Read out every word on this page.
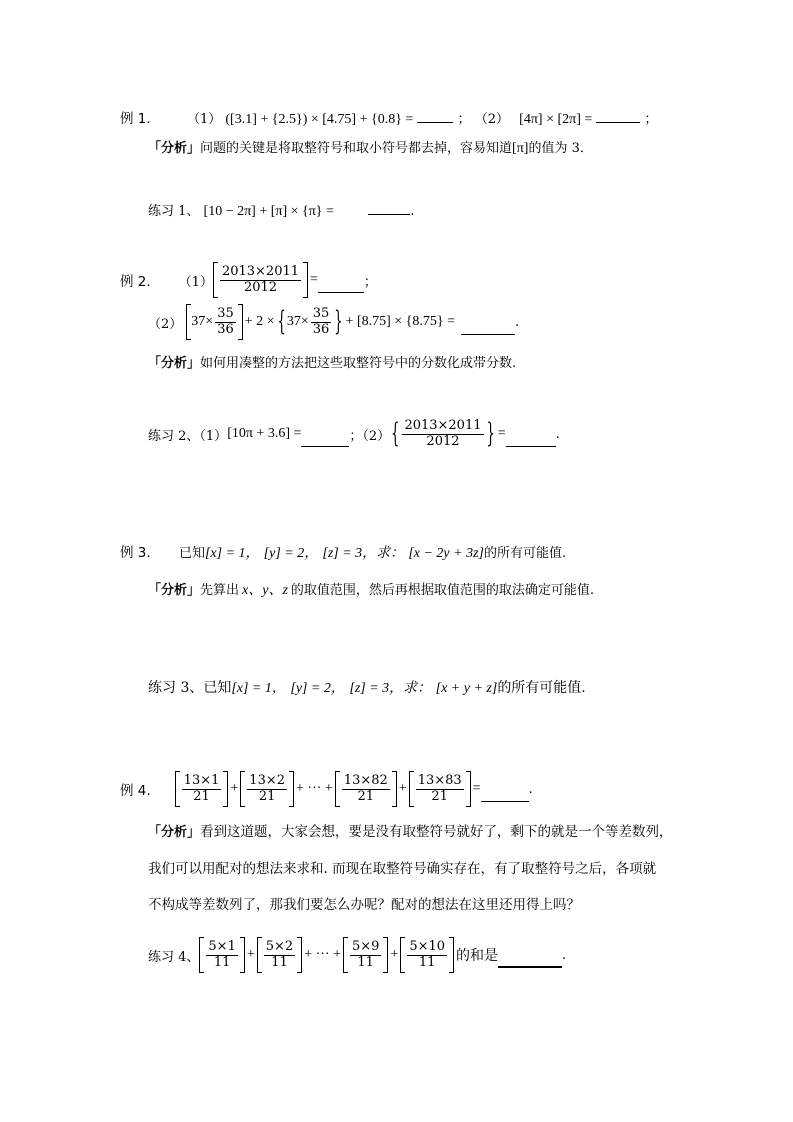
例 1.	（1） ([3.1] + {2.5}) × [4.75] + {0.8} =	； （2） [4π] × [2π] =	；
「分析」问题的关键是将取整符号和取小符号都去掉，容易知道[π]的值为 3．
练习 1、 [10 − 2π] + [π] × {π} =	.
例 2. $(1) \frac{2013\times 2011}{2012}$ =	；
（2） $37\times \frac{35}{36} + 2$ × { $37\times \frac{35}{36}$ } + [8.75] × {8.75} =	.
「分析」如何用凑整的方法把这些取整符号中的分数化成带分数.
练习 2、（1） [10π + 3.6] =	；（2） { $\frac{2013\times 2011}{2012}$ } =	.
例 3. 已知[x] = 1， [y] = 2， [z] = 3，求： [x − 2y + 3z]的所有可能值.
「分析」先算出 x、y、z 的取值范围，然后再根据取值范围的取法确定可能值.
练习 3、已知[x] = 1， [y] = 2， [z] = 3，求： [x + y + z]的所有可能值.
例 4. $\frac{13\times 1}{21} + \frac{13\times 2}{21}$ + ··· + $\frac{13\times 82}{21} + \frac{13\times 83}{21}$ =	.
「分析」看到这道题，大家会想，要是没有取整符号就好了，剩下的就是一个等差数列，
我们可以用配对的想法来求和. 而现在取整符号确实存在，有了取整符号之后，各项就
不构成等差数列了，那我们要怎么办呢？配对的想法在这里还用得上吗？
练习 4、 $\frac{5\times 1}{11} + \frac{5\times 2}{11}$ + ··· + $\frac{5\times 9}{11} + \frac{5\times 10}{11}$ 的和是	.
